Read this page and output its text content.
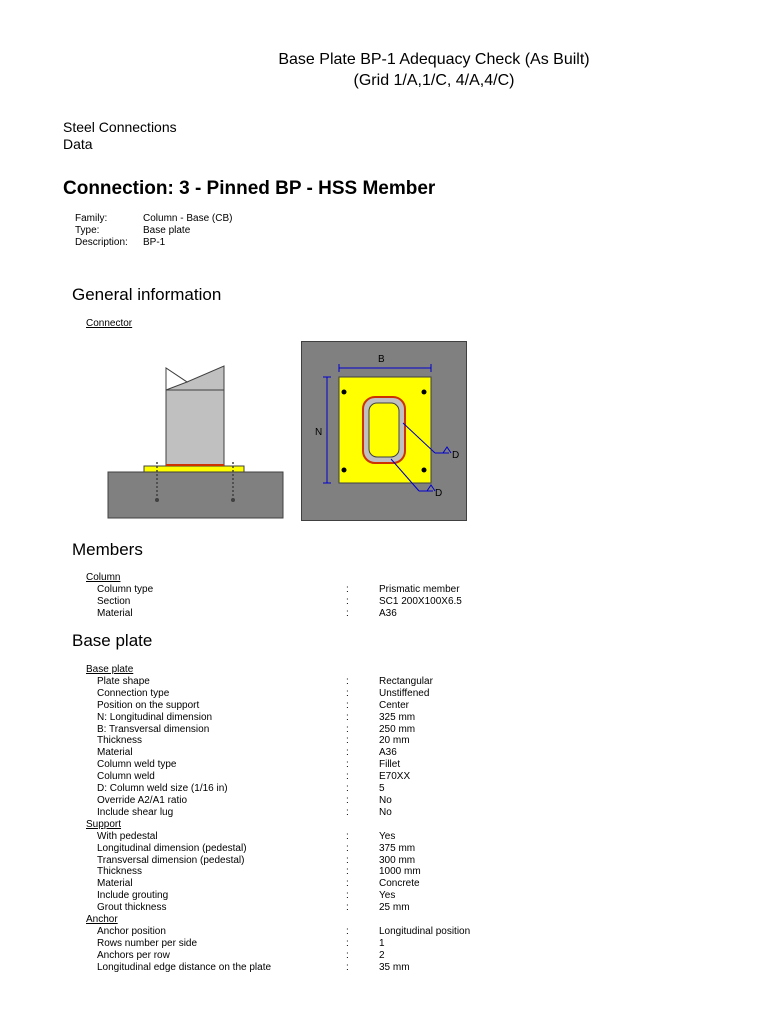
Base Plate BP-1 Adequacy Check (As Built)
(Grid 1/A,1/C, 4/A,4/C)
Steel Connections
Data
Connection: 3 - Pinned BP - HSS Member
Family:	Column - Base (CB)
Type:	Base plate
Description:	BP-1
General information
Connector
B
N
D
D
Members
Column
Column type	:	Prismatic member
Section	:	SC1 200X100X6.5
Material	:	A36
Base plate
Base plate
Plate shape	:	Rectangular
Connection type	:	Unstiffened
Position on the support	:	Center
N: Longitudinal dimension	:	325 mm
B: Transversal dimension	:	250 mm
Thickness	:	20 mm
Material	:	A36
Column weld type	:	Fillet
Column weld	:	E70XX
D: Column weld size (1/16 in)	:	5
Override A2/A1 ratio	:	No
Include shear lug	:	No
Support
With pedestal	:	Yes
Longitudinal dimension (pedestal)	:	375 mm
Transversal dimension (pedestal)	:	300 mm
Thickness	:	1000 mm
Material	:	Concrete
Include grouting	:	Yes
Grout thickness	:	25 mm
Anchor
Anchor position	:	Longitudinal position
Rows number per side	:	1
Anchors per row	:	2
Longitudinal edge distance on the plate	:	35 mm
